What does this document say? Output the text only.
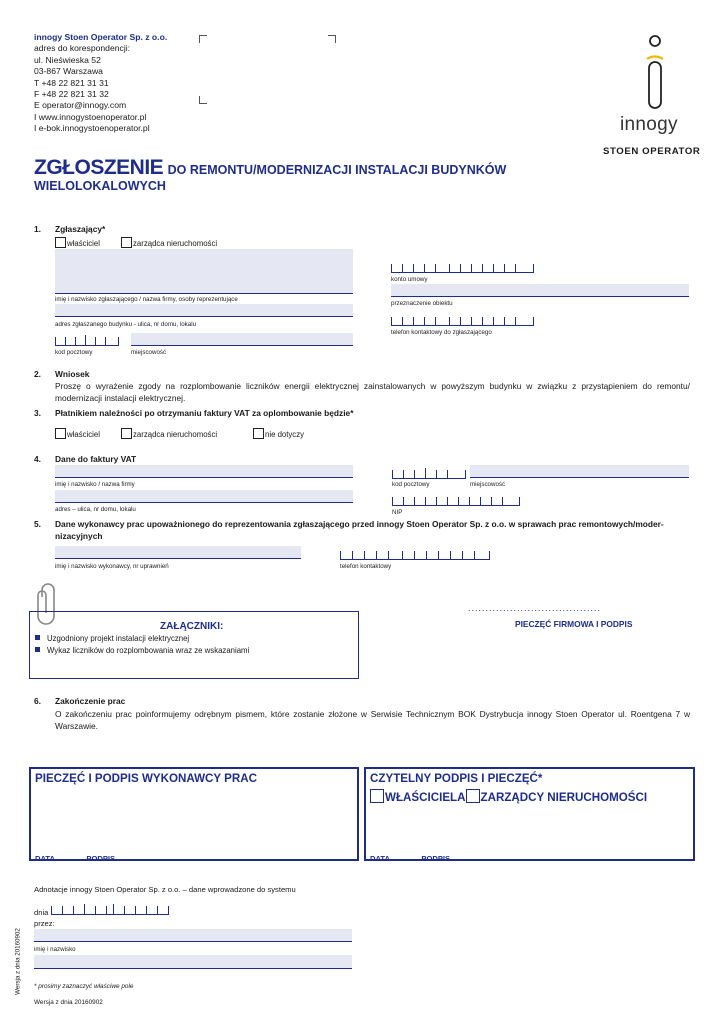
innogy Stoen Operator Sp. z o.o.
adres do korespondencji:
ul. Nieświeska 52
03-867 Warszawa
T +48 22 821 31 31
F +48 22 821 31 32
E operator@innogy.com
I www.innogystoenoperator.pl
I e-bok.innogystoenoperator.pl	innogy
STOEN OPERATOR
ZGŁOSZENIE DO REMONTU/MODERNIZACJI INSTALACJI BUDYNKÓW
WIELOLOKALOWYCH
1. Zgłaszający*
właściciel	zarządca nieruchomości
imię i nazwisko zgłaszającego / nazwa firmy, osoby reprezentujące
adres zgłaszanego budynku - ulica, nr domu, lokalu
kod pocztowy	miejscowość
konto umowy
przeznaczenie obiektu
telefon kontaktowy do zgłaszającego
2. Wniosek
Proszę o wyrażenie zgody na rozplombowanie liczników energii elektrycznej zainstalowanych w powyższym budynku w związku z przystąpieniem do remontu/ modernizacji instalacji elektrycznej.
3. Płatnikiem należności po otrzymaniu faktury VAT za oplombowanie będzie*
właściciel	zarządca nieruchomości	nie dotyczy
4. Dane do faktury VAT
imię i nazwisko / nazwa firmy
adres – ulica, nr domu, lokalu
kod pocztowy	miejscowość
NIP
5. Dane wykonawcy prac upoważnionego do reprezentowania zgłaszającego przed innogy Stoen Operator Sp. z o.o. w sprawach prac remontowych/moder-
nizacyjnych
imię i nazwisko wykonawcy, nr uprawnień	telefon kontaktowy
ZAŁĄCZNIKI:
Uzgodniony projekt instalacji elektrycznej
Wykaz liczników do rozplombowania wraz ze wskazaniami
......................................
PIECZĘĆ FIRMOWA I PODPIS
6. Zakończenie prac
O zakończeniu prac poinformujemy odrębnym pismem, które zostanie złożone w Serwisie Technicznym BOK Dystrybucja innogy Stoen Operator ul. Roentgena 7 w Warszawie.
PIECZĘĆ I PODPIS WYKONAWCY PRAC
DATA..............PODPIS.........................................
CZYTELNY PODPIS I PIECZĘĆ*
WŁAŚCICIELA ZARZĄDCY NIERUCHOMOŚCI
DATA..............PODPIS.........................................
Adnotacje innogy Stoen Operator Sp. z o.o. – dane wprowadzone do systemu
dnia
przez:
imię i nazwisko
* prosimy zaznaczyć właściwe pole
Wersja z dnia 20160902
Wersja z dnia 20160902
